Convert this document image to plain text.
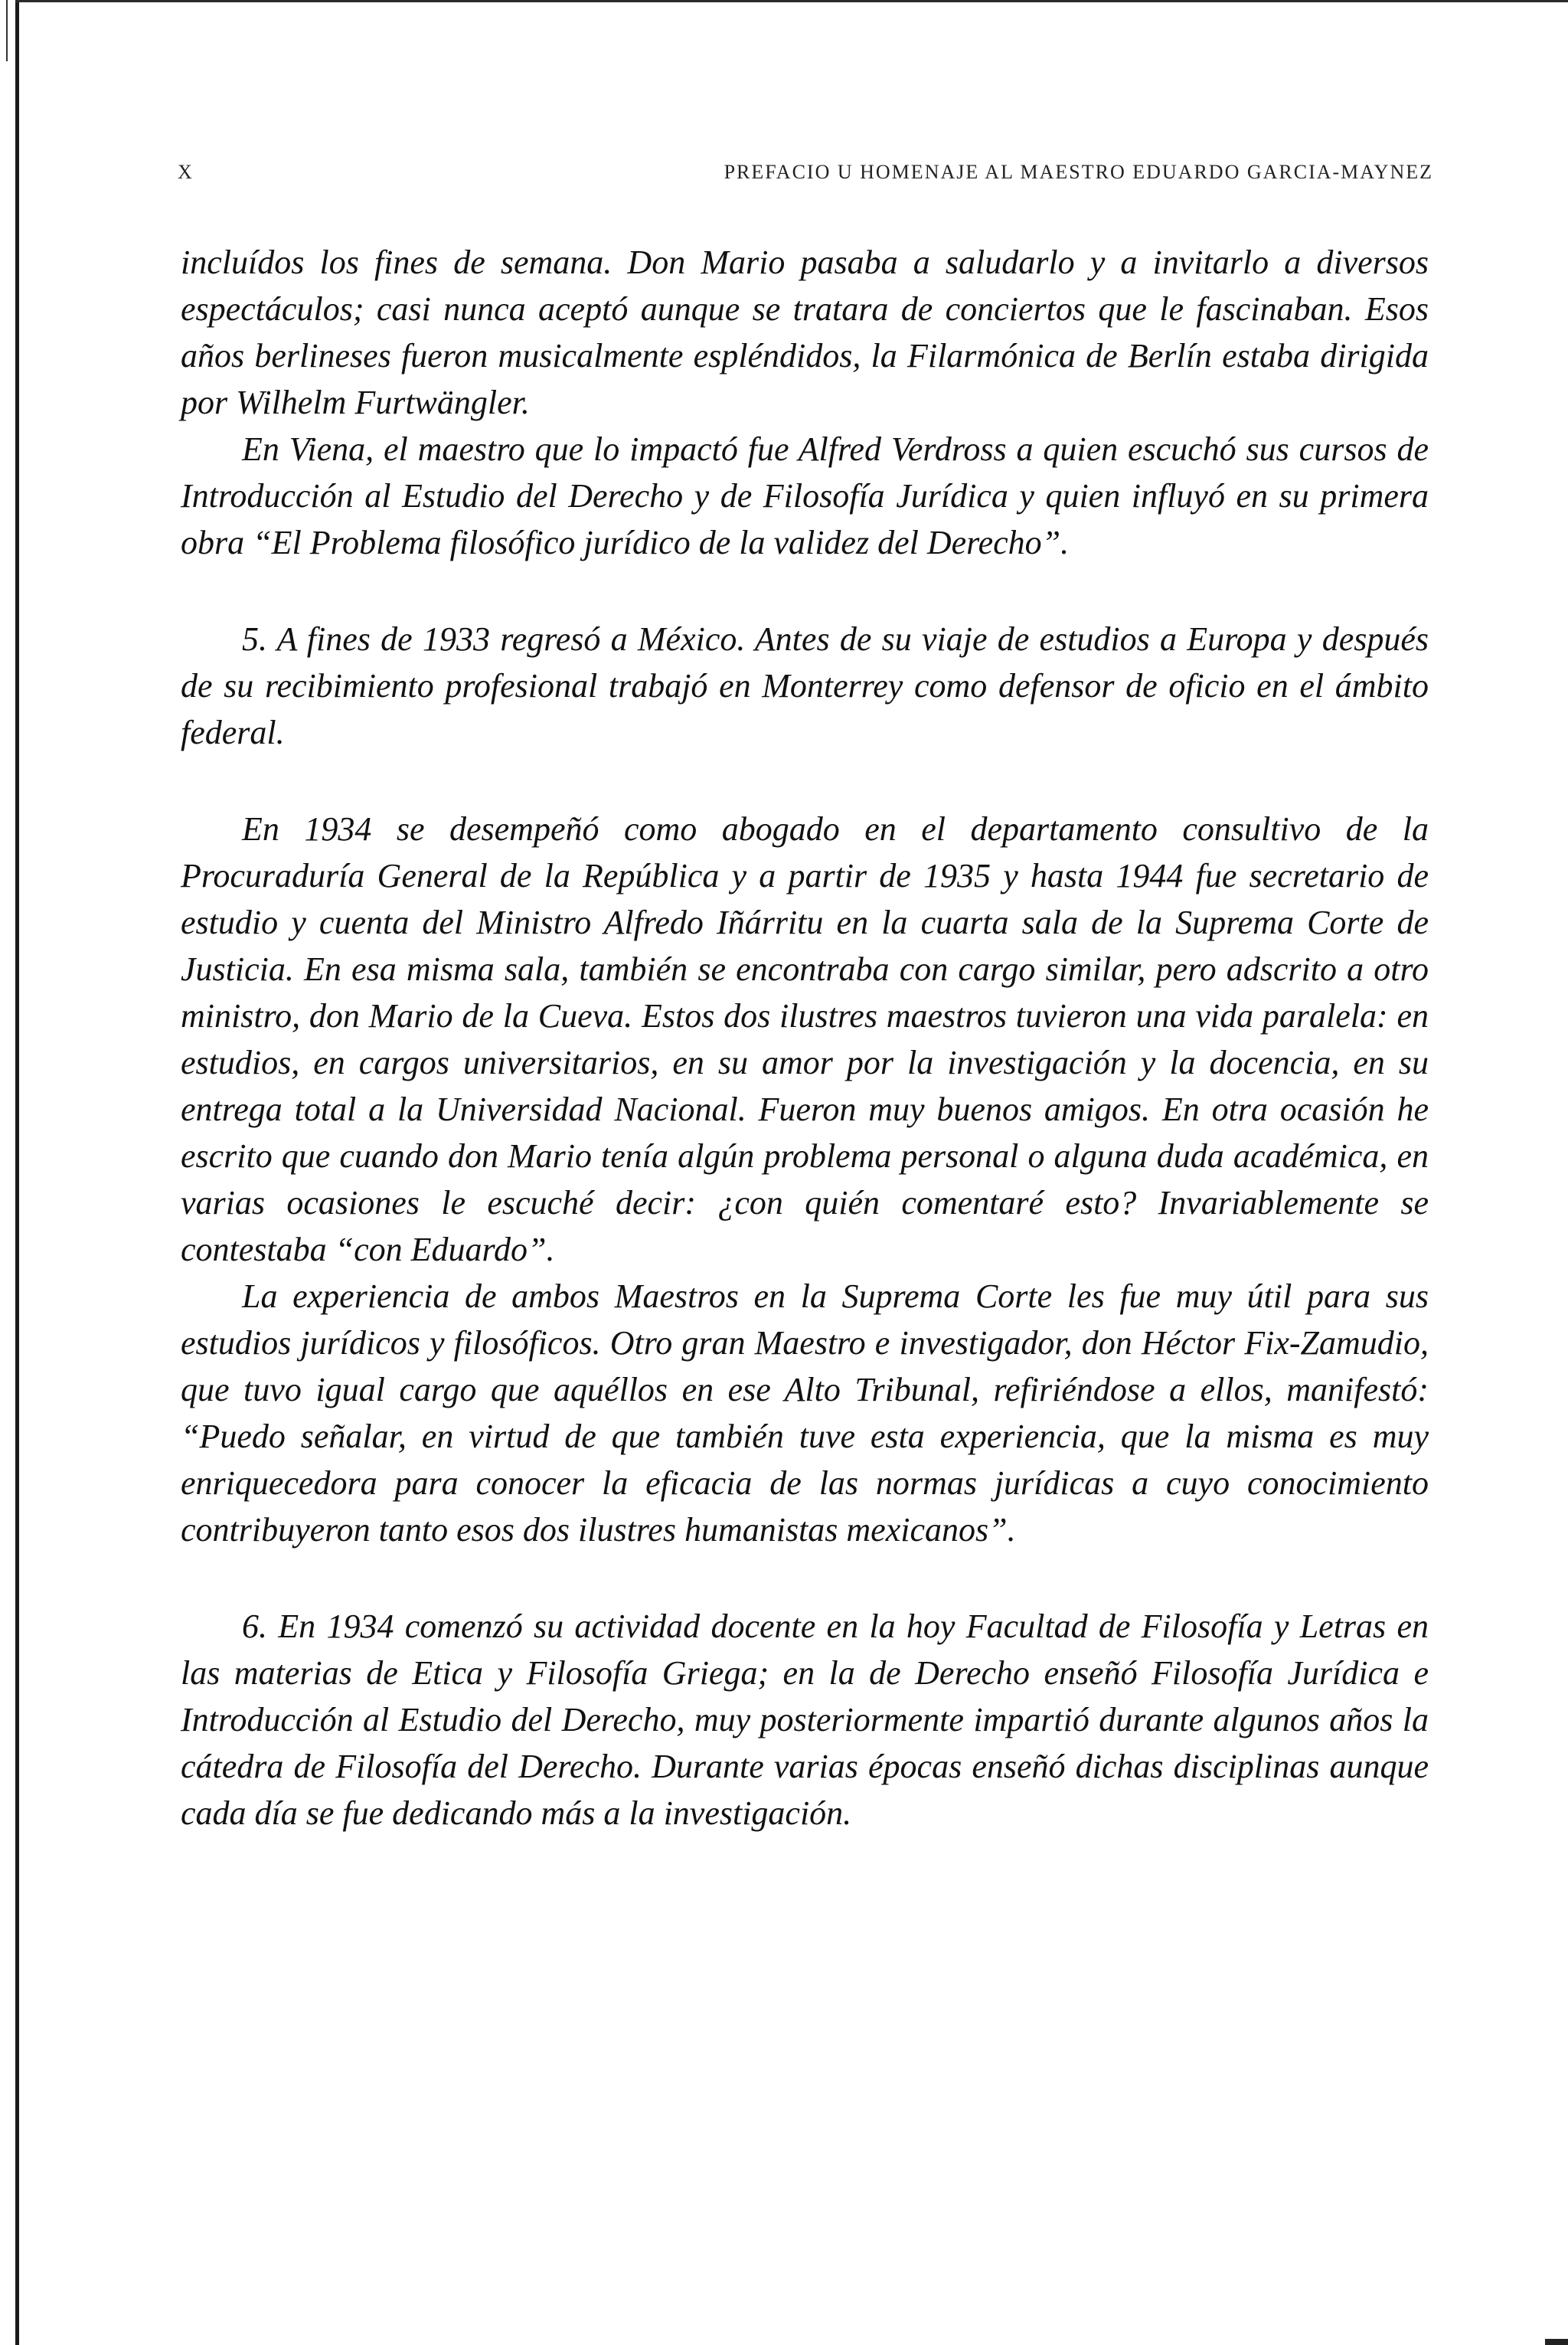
X	PREFACIO U HOMENAJE AL MAESTRO EDUARDO GARCIA-MAYNEZ

incluídos los fines de semana. Don Mario pasaba a saludarlo y a invitarlo a diversos espectáculos; casi nunca aceptó aunque se tratara de conciertos que le fascinaban. Esos años berlineses fueron musicalmente espléndidos, la Filarmónica de Berlín estaba dirigida por Wilhelm Furtwängler.

En Viena, el maestro que lo impactó fue Alfred Verdross a quien escuchó sus cursos de Introducción al Estudio del Derecho y de Filosofía Jurídica y quien influyó en su primera obra “El Problema filosófico jurídico de la validez del Derecho”.

5. A fines de 1933 regresó a México. Antes de su viaje de estudios a Europa y después de su recibimiento profesional trabajó en Monterrey como defensor de oficio en el ámbito federal.

En 1934 se desempeñó como abogado en el departamento consultivo de la Procuraduría General de la República y a partir de 1935 y hasta 1944 fue secretario de estudio y cuenta del Ministro Alfredo Iñárritu en la cuarta sala de la Suprema Corte de Justicia. En esa misma sala, también se encontraba con cargo similar, pero adscrito a otro ministro, don Mario de la Cueva. Estos dos ilustres maestros tuvieron una vida paralela: en estudios, en cargos universitarios, en su amor por la investigación y la docencia, en su entrega total a la Universidad Nacional. Fueron muy buenos amigos. En otra ocasión he escrito que cuando don Mario tenía algún problema personal o alguna duda académica, en varias ocasiones le escuché decir: ¿con quién comentaré esto? Invariablemente se contestaba “con Eduardo”.

La experiencia de ambos Maestros en la Suprema Corte les fue muy útil para sus estudios jurídicos y filosóficos. Otro gran Maestro e investigador, don Héctor Fix-Zamudio, que tuvo igual cargo que aquéllos en ese Alto Tribunal, refiriéndose a ellos, manifestó: “Puedo señalar, en virtud de que también tuve esta experiencia, que la misma es muy enriquecedora para conocer la eficacia de las normas jurídicas a cuyo conocimiento contribuyeron tanto esos dos ilustres humanistas mexicanos”.

6. En 1934 comenzó su actividad docente en la hoy Facultad de Filosofía y Letras en las materias de Etica y Filosofía Griega; en la de Derecho enseñó Filosofía Jurídica e Introducción al Estudio del Derecho, muy posteriormente impartió durante algunos años la cátedra de Filosofía del Derecho. Durante varias épocas enseñó dichas disciplinas aunque cada día se fue dedicando más a la investigación.
